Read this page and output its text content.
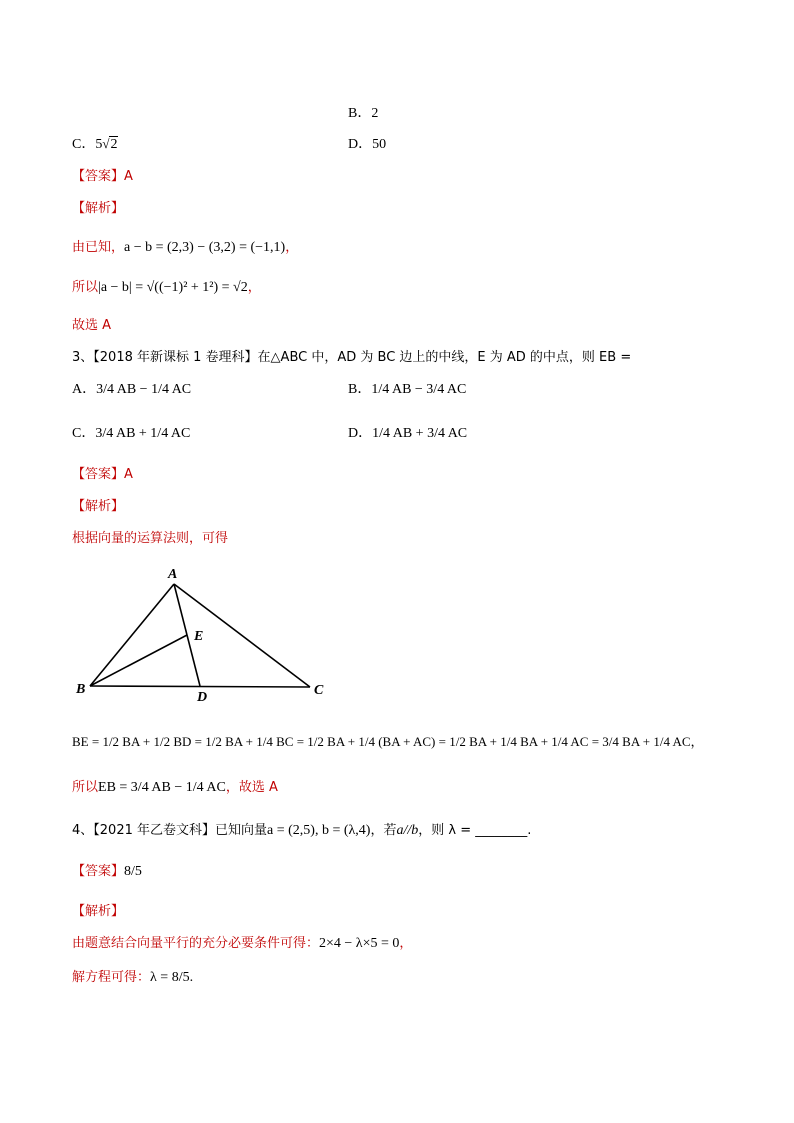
B．2
C．5√2	D．50
【答案】A
【解析】
由已知，a − b = (2,3) − (3,2) = (−1,1)，
所以|a − b| = √((−1)² + 1²) = √2，
故选 A
3、【2018 年新课标 1 卷理科】在△ABC 中，AD 为 BC 边上的中线，E 为 AD 的中点，则 EB =
A．3/4 AB − 1/4 AC	B．1/4 AB − 3/4 AC
C．3/4 AB + 1/4 AC	D．1/4 AB + 3/4 AC
【答案】A
【解析】
根据向量的运算法则，可得
A
B	C
D
E
BE = 1/2 BA + 1/2 BD = 1/2 BA + 1/4 BC = 1/2 BA + 1/4 (BA + AC) = 1/2 BA + 1/4 BA + 1/4 AC = 3/4 BA + 1/4 AC，
所以EB = 3/4 AB − 1/4 AC，故选 A
4、【2021 年乙卷文科】已知向量a = (2,5), b = (λ,4)，若a//b，则 λ = ________.
【答案】8/5
【解析】
由题意结合向量平行的充分必要条件可得：2×4 − λ×5 = 0，
解方程可得：λ = 8/5.
